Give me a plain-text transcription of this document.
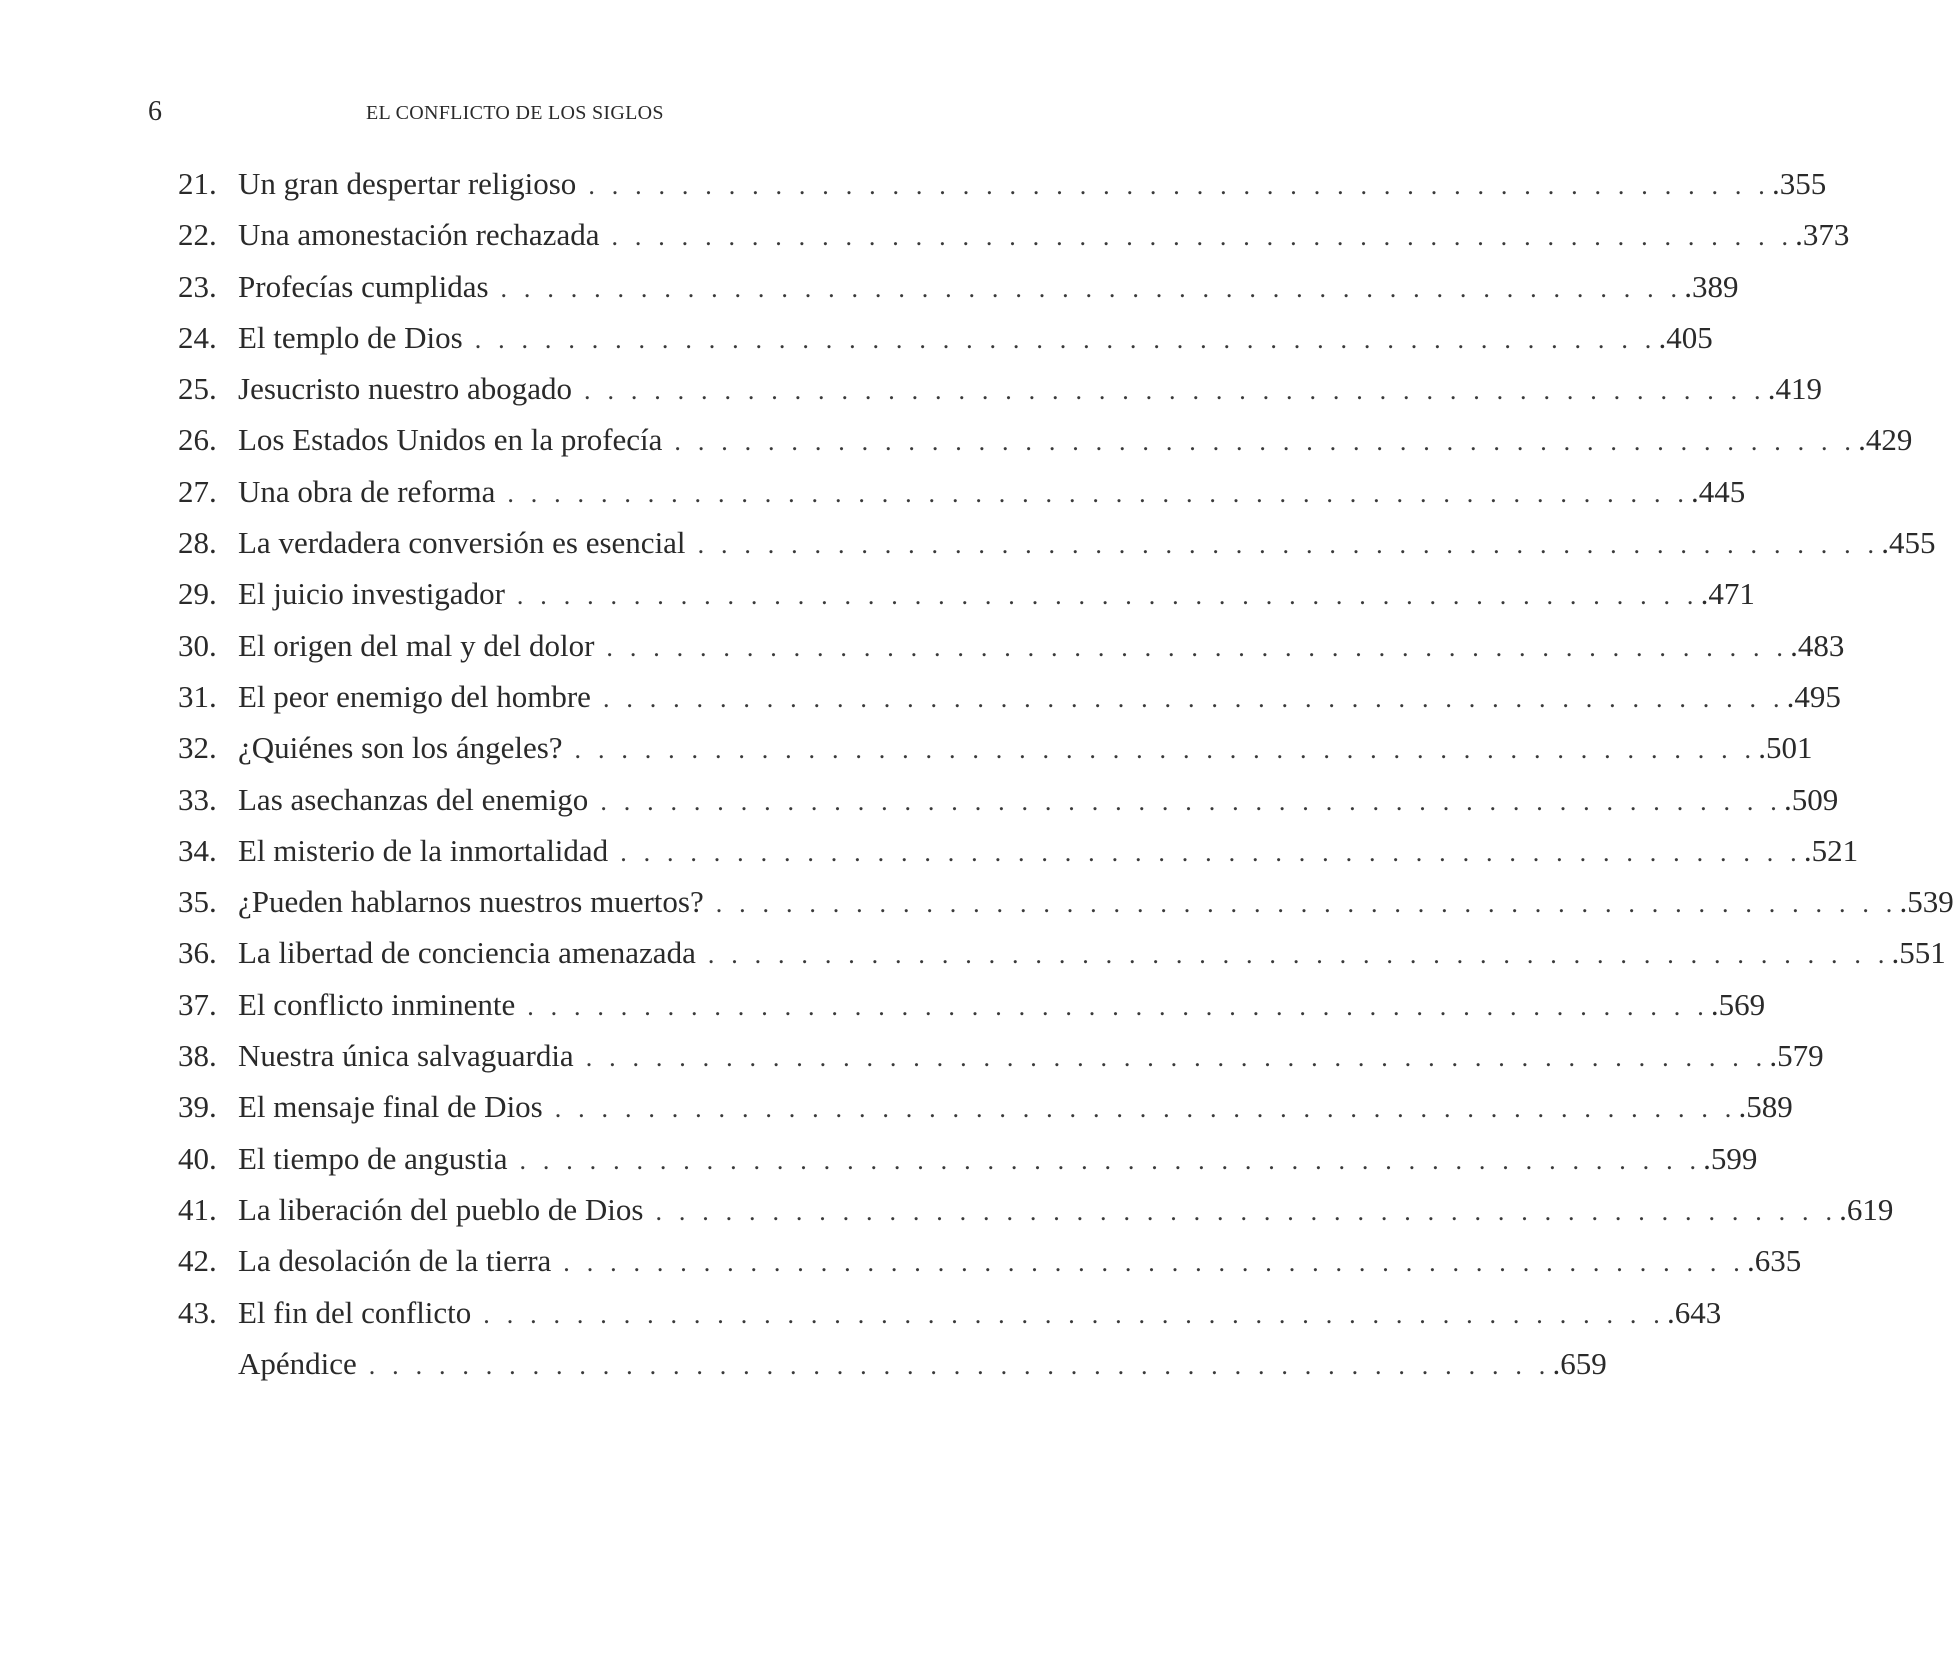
6	EL CONFLICTO DE LOS SIGLOS
21. Un gran despertar religioso . . . . . . . . . . . . . . . . . . . . . . . . . . . . . . . . . . . . . . . . . . . . . . . . . . . .355
22. Una amonestación rechazada . . . . . . . . . . . . . . . . . . . . . . . . . . . . . . . . . . . . . . . . . . . . . . . . . . . .373
23. Profecías cumplidas . . . . . . . . . . . . . . . . . . . . . . . . . . . . . . . . . . . . . . . . . . . . . . . . . . . .389
24. El templo de Dios . . . . . . . . . . . . . . . . . . . . . . . . . . . . . . . . . . . . . . . . . . . . . . . . . . . .405
25. Jesucristo nuestro abogado . . . . . . . . . . . . . . . . . . . . . . . . . . . . . . . . . . . . . . . . . . . . . . . . . . . .419
26. Los Estados Unidos en la profecía . . . . . . . . . . . . . . . . . . . . . . . . . . . . . . . . . . . . . . . . . . . . . . . . . . . .429
27. Una obra de reforma . . . . . . . . . . . . . . . . . . . . . . . . . . . . . . . . . . . . . . . . . . . . . . . . . . . .445
28. La verdadera conversión es esencial . . . . . . . . . . . . . . . . . . . . . . . . . . . . . . . . . . . . . . . . . . . . . . . . . . . .455
29. El juicio investigador . . . . . . . . . . . . . . . . . . . . . . . . . . . . . . . . . . . . . . . . . . . . . . . . . . . .471
30. El origen del mal y del dolor . . . . . . . . . . . . . . . . . . . . . . . . . . . . . . . . . . . . . . . . . . . . . . . . . . . .483
31. El peor enemigo del hombre . . . . . . . . . . . . . . . . . . . . . . . . . . . . . . . . . . . . . . . . . . . . . . . . . . . .495
32. ¿Quiénes son los ángeles? . . . . . . . . . . . . . . . . . . . . . . . . . . . . . . . . . . . . . . . . . . . . . . . . . . . .501
33. Las asechanzas del enemigo . . . . . . . . . . . . . . . . . . . . . . . . . . . . . . . . . . . . . . . . . . . . . . . . . . . .509
34. El misterio de la inmortalidad . . . . . . . . . . . . . . . . . . . . . . . . . . . . . . . . . . . . . . . . . . . . . . . . . . . .521
35. ¿Pueden hablarnos nuestros muertos? . . . . . . . . . . . . . . . . . . . . . . . . . . . . . . . . . . . . . . . . . . . . . . . . . . . .539
36. La libertad de conciencia amenazada . . . . . . . . . . . . . . . . . . . . . . . . . . . . . . . . . . . . . . . . . . . . . . . . . . . .551
37. El conflicto inminente . . . . . . . . . . . . . . . . . . . . . . . . . . . . . . . . . . . . . . . . . . . . . . . . . . . .569
38. Nuestra única salvaguardia . . . . . . . . . . . . . . . . . . . . . . . . . . . . . . . . . . . . . . . . . . . . . . . . . . . .579
39. El mensaje final de Dios . . . . . . . . . . . . . . . . . . . . . . . . . . . . . . . . . . . . . . . . . . . . . . . . . . . .589
40. El tiempo de angustia . . . . . . . . . . . . . . . . . . . . . . . . . . . . . . . . . . . . . . . . . . . . . . . . . . . .599
41. La liberación del pueblo de Dios . . . . . . . . . . . . . . . . . . . . . . . . . . . . . . . . . . . . . . . . . . . . . . . . . . . .619
42. La desolación de la tierra . . . . . . . . . . . . . . . . . . . . . . . . . . . . . . . . . . . . . . . . . . . . . . . . . . . .635
43. El fin del conflicto . . . . . . . . . . . . . . . . . . . . . . . . . . . . . . . . . . . . . . . . . . . . . . . . . . . .643
Apéndice . . . . . . . . . . . . . . . . . . . . . . . . . . . . . . . . . . . . . . . . . . . . . . . . . . . .659
